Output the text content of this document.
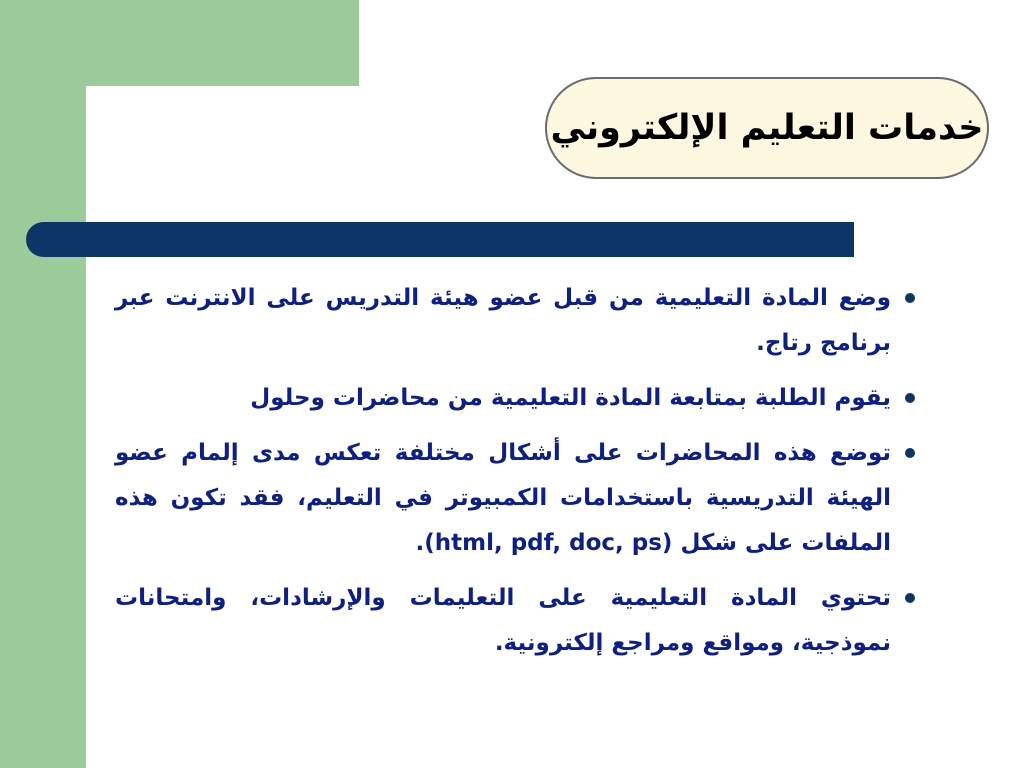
خدمات التعليم الإلكتروني
وضع المادة التعليمية من قبل عضو هيئة التدريس على الانترنت عبر برنامج رتاج.
يقوم الطلبة بمتابعة المادة التعليمية من محاضرات وحلول
توضع هذه المحاضرات على أشكال مختلفة تعكس مدى إلمام عضو الهيئة التدريسية باستخدامات الكمبيوتر في التعليم، فقد تكون هذه الملفات على شكل (html, pdf, doc, ps).
تحتوي المادة التعليمية على التعليمات والإرشادات، وامتحانات نموذجية، ومواقع ومراجع إلكترونية.
